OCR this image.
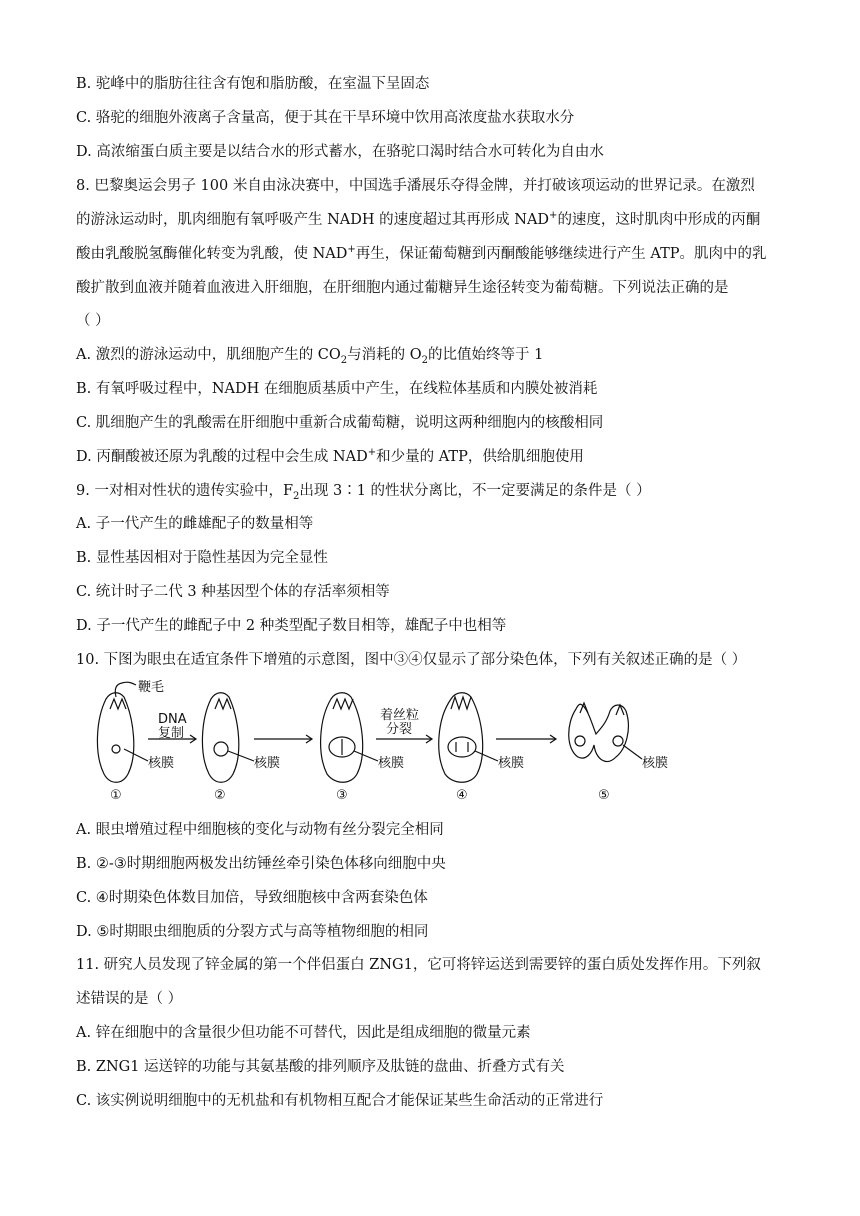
B. 驼峰中的脂肪往往含有饱和脂肪酸，在室温下呈固态
C. 骆驼的细胞外液离子含量高，便于其在干旱环境中饮用高浓度盐水获取水分
D. 高浓缩蛋白质主要是以结合水的形式蓄水，在骆驼口渴时结合水可转化为自由水
8. 巴黎奥运会男子 100 米自由泳决赛中，中国选手潘展乐夺得金牌，并打破该项运动的世界记录。在激烈
的游泳运动时，肌肉细胞有氧呼吸产生 NADH 的速度超过其再形成 NAD+的速度，这时肌肉中形成的丙酮
酸由乳酸脱氢酶催化转变为乳酸，使 NAD+再生，保证葡萄糖到丙酮酸能够继续进行产生 ATP。肌肉中的乳
酸扩散到血液并随着血液进入肝细胞，在肝细胞内通过葡糖异生途径转变为葡萄糖。下列说法正确的是
（ ）
A. 激烈的游泳运动中，肌细胞产生的 $CO_2$与消耗的 $O_2$的比值始终等于 1
B. 有氧呼吸过程中，NADH 在细胞质基质中产生，在线粒体基质和内膜处被消耗
C. 肌细胞产生的乳酸需在肝细胞中重新合成葡萄糖，说明这两种细胞内的核酸相同
D. 丙酮酸被还原为乳酸的过程中会生成 NAD+和少量的 ATP，供给肌细胞使用
9. 一对相对性状的遗传实验中，$F_2$出现 3∶1 的性状分离比，不一定要满足的条件是（ ）
A. 子一代产生的雌雄配子的数量相等
B. 显性基因相对于隐性基因为完全显性
C. 统计时子二代 3 种基因型个体的存活率须相等
D. 子一代产生的雌配子中 2 种类型配子数目相等，雄配子中也相等
10. 下图为眼虫在适宜条件下增殖的示意图，图中③④仅显示了部分染色体，下列有关叙述正确的是（ ）
鞭毛
DNA
复制
着丝粒
分裂
核膜	核膜	核膜	核膜	核膜
①	②	③	④	⑤
A. 眼虫增殖过程中细胞核的变化与动物有丝分裂完全相同
B. ②-③时期细胞两极发出纺锤丝牵引染色体移向细胞中央
C. ④时期染色体数目加倍，导致细胞核中含两套染色体
D. ⑤时期眼虫细胞质的分裂方式与高等植物细胞的相同
11. 研究人员发现了锌金属的第一个伴侣蛋白 ZNG1，它可将锌运送到需要锌的蛋白质处发挥作用。下列叙
述错误的是（ ）
A. 锌在细胞中的含量很少但功能不可替代，因此是组成细胞的微量元素
B. ZNG1 运送锌的功能与其氨基酸的排列顺序及肽链的盘曲、折叠方式有关
C. 该实例说明细胞中的无机盐和有机物相互配合才能保证某些生命活动的正常进行
